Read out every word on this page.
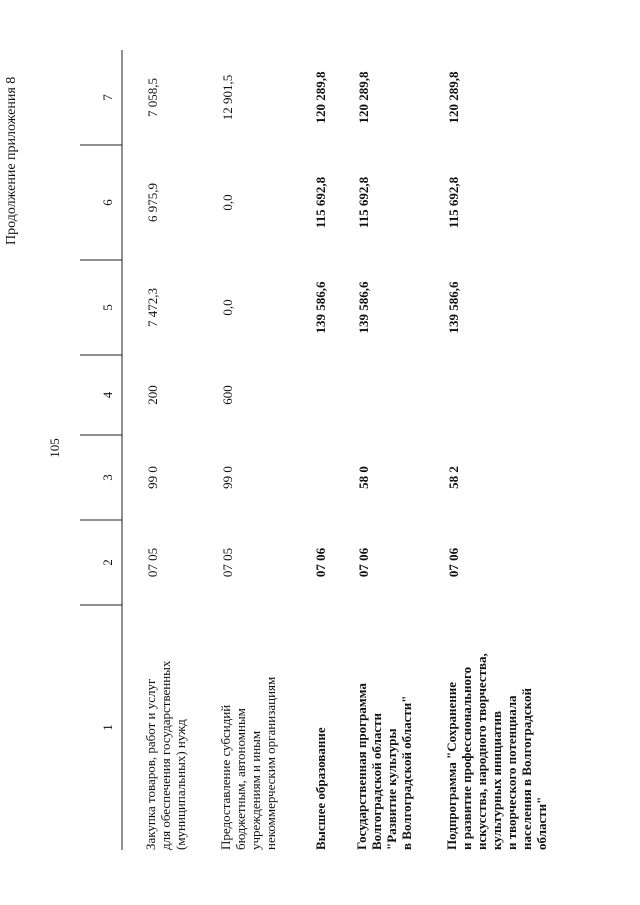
105
Продолжение приложения 8
1
2
3
4
5
6
7
Закупка товаров, работ и услуг для обеспечения государственных (муниципальных) нужд
07 05
99 0
200
7 472,3
6 975,9
7 058,5
Предоставление субсидий бюджетным, автономным учреждениям и иным некоммерческим организациям
07 05
99 0
600
0,0
0,0
12 901,5
Высшее образование
07 06
139 586,6
115 692,8
120 289,8
Государственная программа Волгоградской области "Развитие культуры в Волгоградской области"
07 06
58 0
139 586,6
115 692,8
120 289,8
Подпрограмма "Сохранение и развитие профессионального искусства, народного творчества, культурных инициатив и творческого потенциала населения в Волгоградской области"
07 06
58 2
139 586,6
115 692,8
120 289,8
